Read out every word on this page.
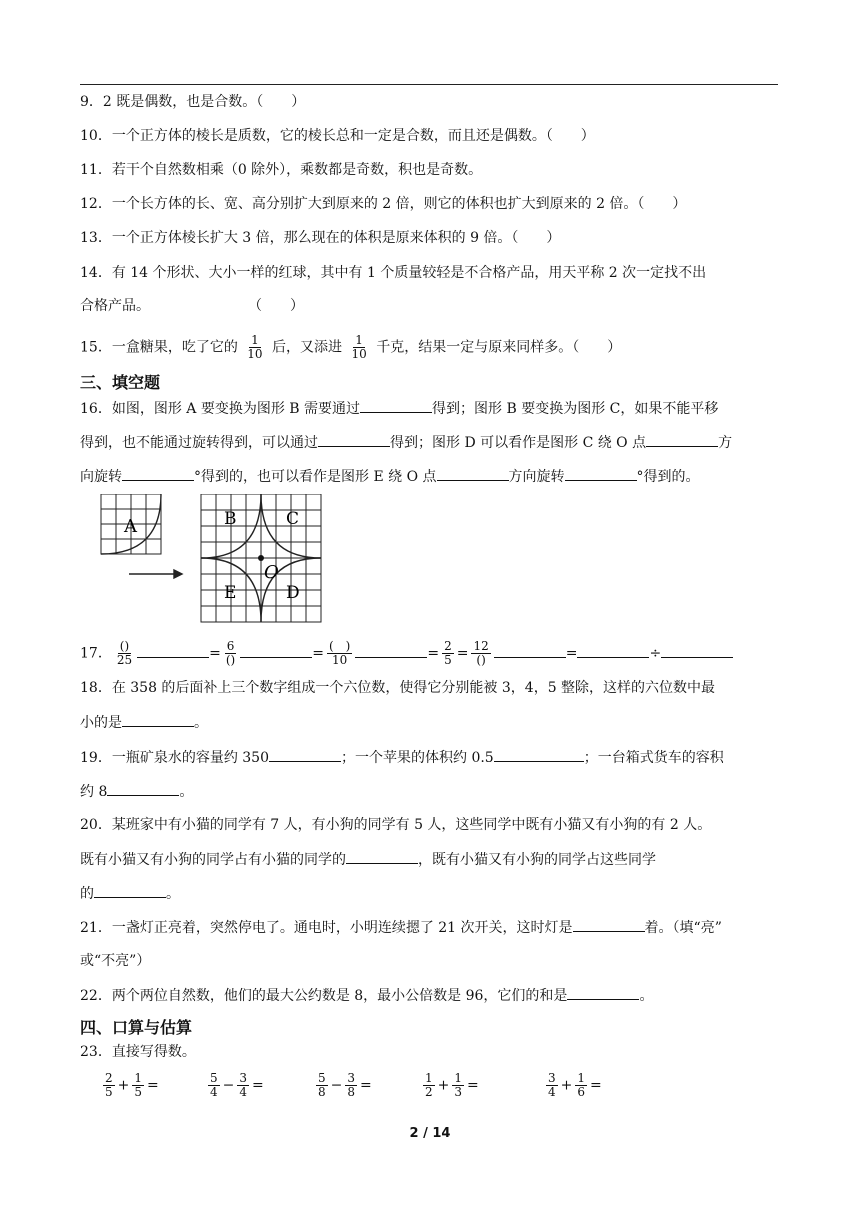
9．2 既是偶数，也是合数。（　　）
10．一个正方体的棱长是质数，它的棱长总和一定是合数，而且还是偶数。（　　）
11．若干个自然数相乘（0 除外），乘数都是奇数，积也是奇数。
12．一个长方体的长、宽、高分别扩大到原来的 2 倍，则它的体积也扩大到原来的 2 倍。（　　）
13．一个正方体棱长扩大 3 倍，那么现在的体积是原来体积的 9 倍。（　　）
14．有 14 个形状、大小一样的红球，其中有 1 个质量较轻是不合格产品，用天平称 2 次一定找不出
合格产品。　　　　　　　　（　　）
15．一盒糖果，吃了它的 $\frac{1}{10}$ 后，又添进 $\frac{1}{10}$ 千克，结果一定与原来同样多。（　　）
三、填空题
16．如图，图形 A 要变换为图形 B 需要通过	得到；图形 B 要变换为图形 C，如果不能平移
得到，也不能通过旋转得到，可以通过	得到；图形 D 可以看作是图形 C 绕 O 点	方
向旋转	°得到的，也可以看作是图形 E 绕 O 点	方向旋转	°得到的。
A	B	C
E	D
O
17． $\frac{()}{25}$	= $\frac{6}{()}$	= $\frac{( )}{10}$	= $\frac{2}{5} = \frac{12}{()}$	=	÷
18．在 358 的后面补上三个数字组成一个六位数，使得它分别能被 3，4，5 整除，这样的六位数中最
小的是	。
19．一瓶矿泉水的容量约 350	；一个苹果的体积约 0.5	；一台箱式货车的容积
约 8	。
20．某班家中有小猫的同学有 7 人，有小狗的同学有 5 人，这些同学中既有小猫又有小狗的有 2 人。
既有小猫又有小狗的同学占有小猫的同学的	，既有小猫又有小狗的同学占这些同学
的	。
21．一盏灯正亮着，突然停电了。通电时，小明连续摁了 21 次开关，这时灯是	着。（填“亮”
或“不亮”）
22．两个两位自然数，他们的最大公约数是 8，最小公倍数是 96，它们的和是	。
四、口算与估算
23．直接写得数。
$\frac{2}{5} + \frac{1}{5}$ =	$\frac{5}{4} - \frac{3}{4}$ =	$\frac{5}{8} - \frac{3}{8}$ =	$\frac{1}{2} + \frac{1}{3}$ =	$\frac{3}{4} + \frac{1}{6}$ =
2 / 14
